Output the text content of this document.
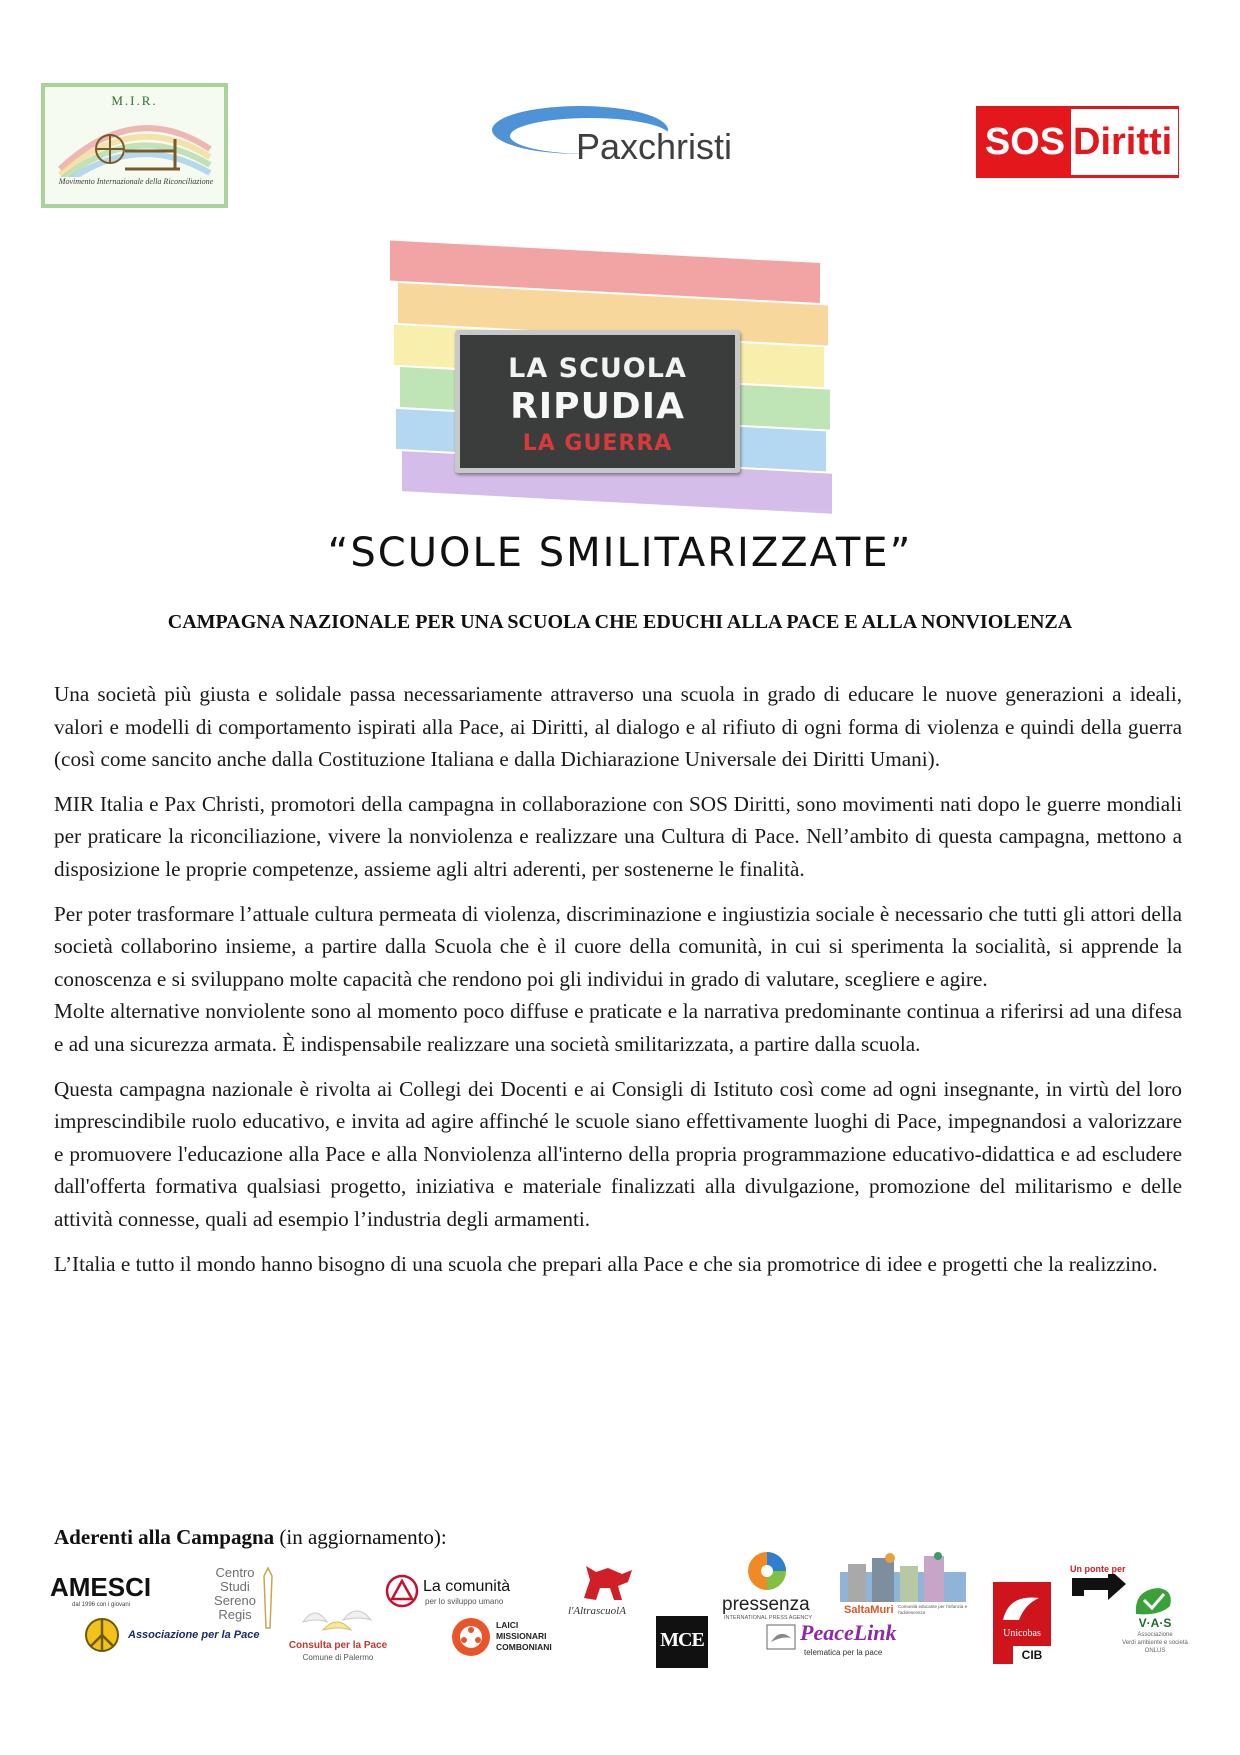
M.I.R.
Movimento Internazionale della Riconciliazione
Paxchristi	SOS Diritti
LA SCUOLA
RIPUDIA
LA GUERRA
“SCUOLE SMILITARIZZATE”
CAMPAGNA NAZIONALE PER UNA SCUOLA CHE EDUCHI ALLA PACE E ALLA NONVIOLENZA

Una società più giusta e solidale passa necessariamente attraverso una scuola in grado di educare le nuove generazioni a ideali, valori e modelli di comportamento ispirati alla Pace, ai Diritti, al dialogo e al rifiuto di ogni forma di violenza e quindi della guerra (così come sancito anche dalla Costituzione Italiana e dalla Dichiarazione Universale dei Diritti Umani).

MIR Italia e Pax Christi, promotori della campagna in collaborazione con SOS Diritti, sono movimenti nati dopo le guerre mondiali per praticare la riconciliazione, vivere la nonviolenza e realizzare una Cultura di Pace. Nell’ambito di questa campagna, mettono a disposizione le proprie competenze, assieme agli altri aderenti, per sostenerne le finalità.

Per poter trasformare l’attuale cultura permeata di violenza, discriminazione e ingiustizia sociale è necessario che tutti gli attori della società collaborino insieme, a partire dalla Scuola che è il cuore della comunità, in cui si sperimenta la socialità, si apprende la conoscenza e si sviluppano molte capacità che rendono poi gli individui in grado di valutare, scegliere e agire.

Molte alternative nonviolente sono al momento poco diffuse e praticate e la narrativa predominante continua a riferirsi ad una difesa e ad una sicurezza armata. È indispensabile realizzare una società smilitarizzata, a partire dalla scuola.

Questa campagna nazionale è rivolta ai Collegi dei Docenti e ai Consigli di Istituto così come ad ogni insegnante, in virtù del loro imprescindibile ruolo educativo, e invita ad agire affinché le scuole siano effettivamente luoghi di Pace, impegnandosi a valorizzare e promuovere l'educazione alla Pace e alla Nonviolenza all'interno della propria programmazione educativo-didattica e ad escludere dall'offerta formativa qualsiasi progetto, iniziativa e materiale finalizzati alla divulgazione, promozione del militarismo e delle attività connesse, quali ad esempio l’industria degli armamenti.

L’Italia e tutto il mondo hanno bisogno di una scuola che prepari alla Pace e che sia promotrice di idee e progetti che la realizzino.

Aderenti alla Campagna (in aggiornamento):
AMESCI
dal 1996 con i giovani
Centro
Studi
Sereno
Regis
La comunità
per lo sviluppo umano
l'AltrascuolA	pressenza
INTERNATIONAL PRESS AGENCY
SaltaMuri Comunità educante per l'infanzia e l'adolescenza
Un ponte per
Associazione per la Pace
Consulta per la Pace
Comune di Palermo
LAICI
MISSIONARI
COMBONIANI	MCE	PeaceLink
telematica per la pace
Unicobas
CIB
V·A·S
Associazione
Verdi ambiente e società
ONLUS
